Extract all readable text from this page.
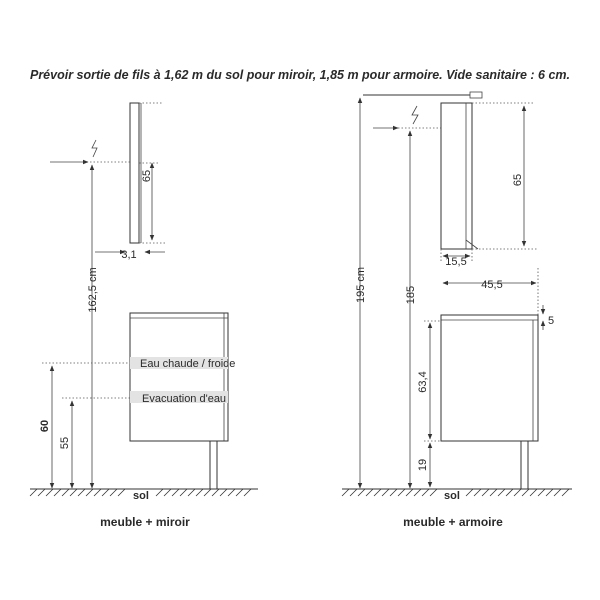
Prévoir sortie de fils à 1,62 m du sol pour miroir, 1,85 m pour armoire. Vide sanitaire : 6 cm.
65
162,5 cm
3,1
Eau chaude / froide
Evacuation d'eau
60
55
sol
meuble + miroir
195 cm	185
65
15,5
45,5
5
63,4
19
sol
meuble + armoire
